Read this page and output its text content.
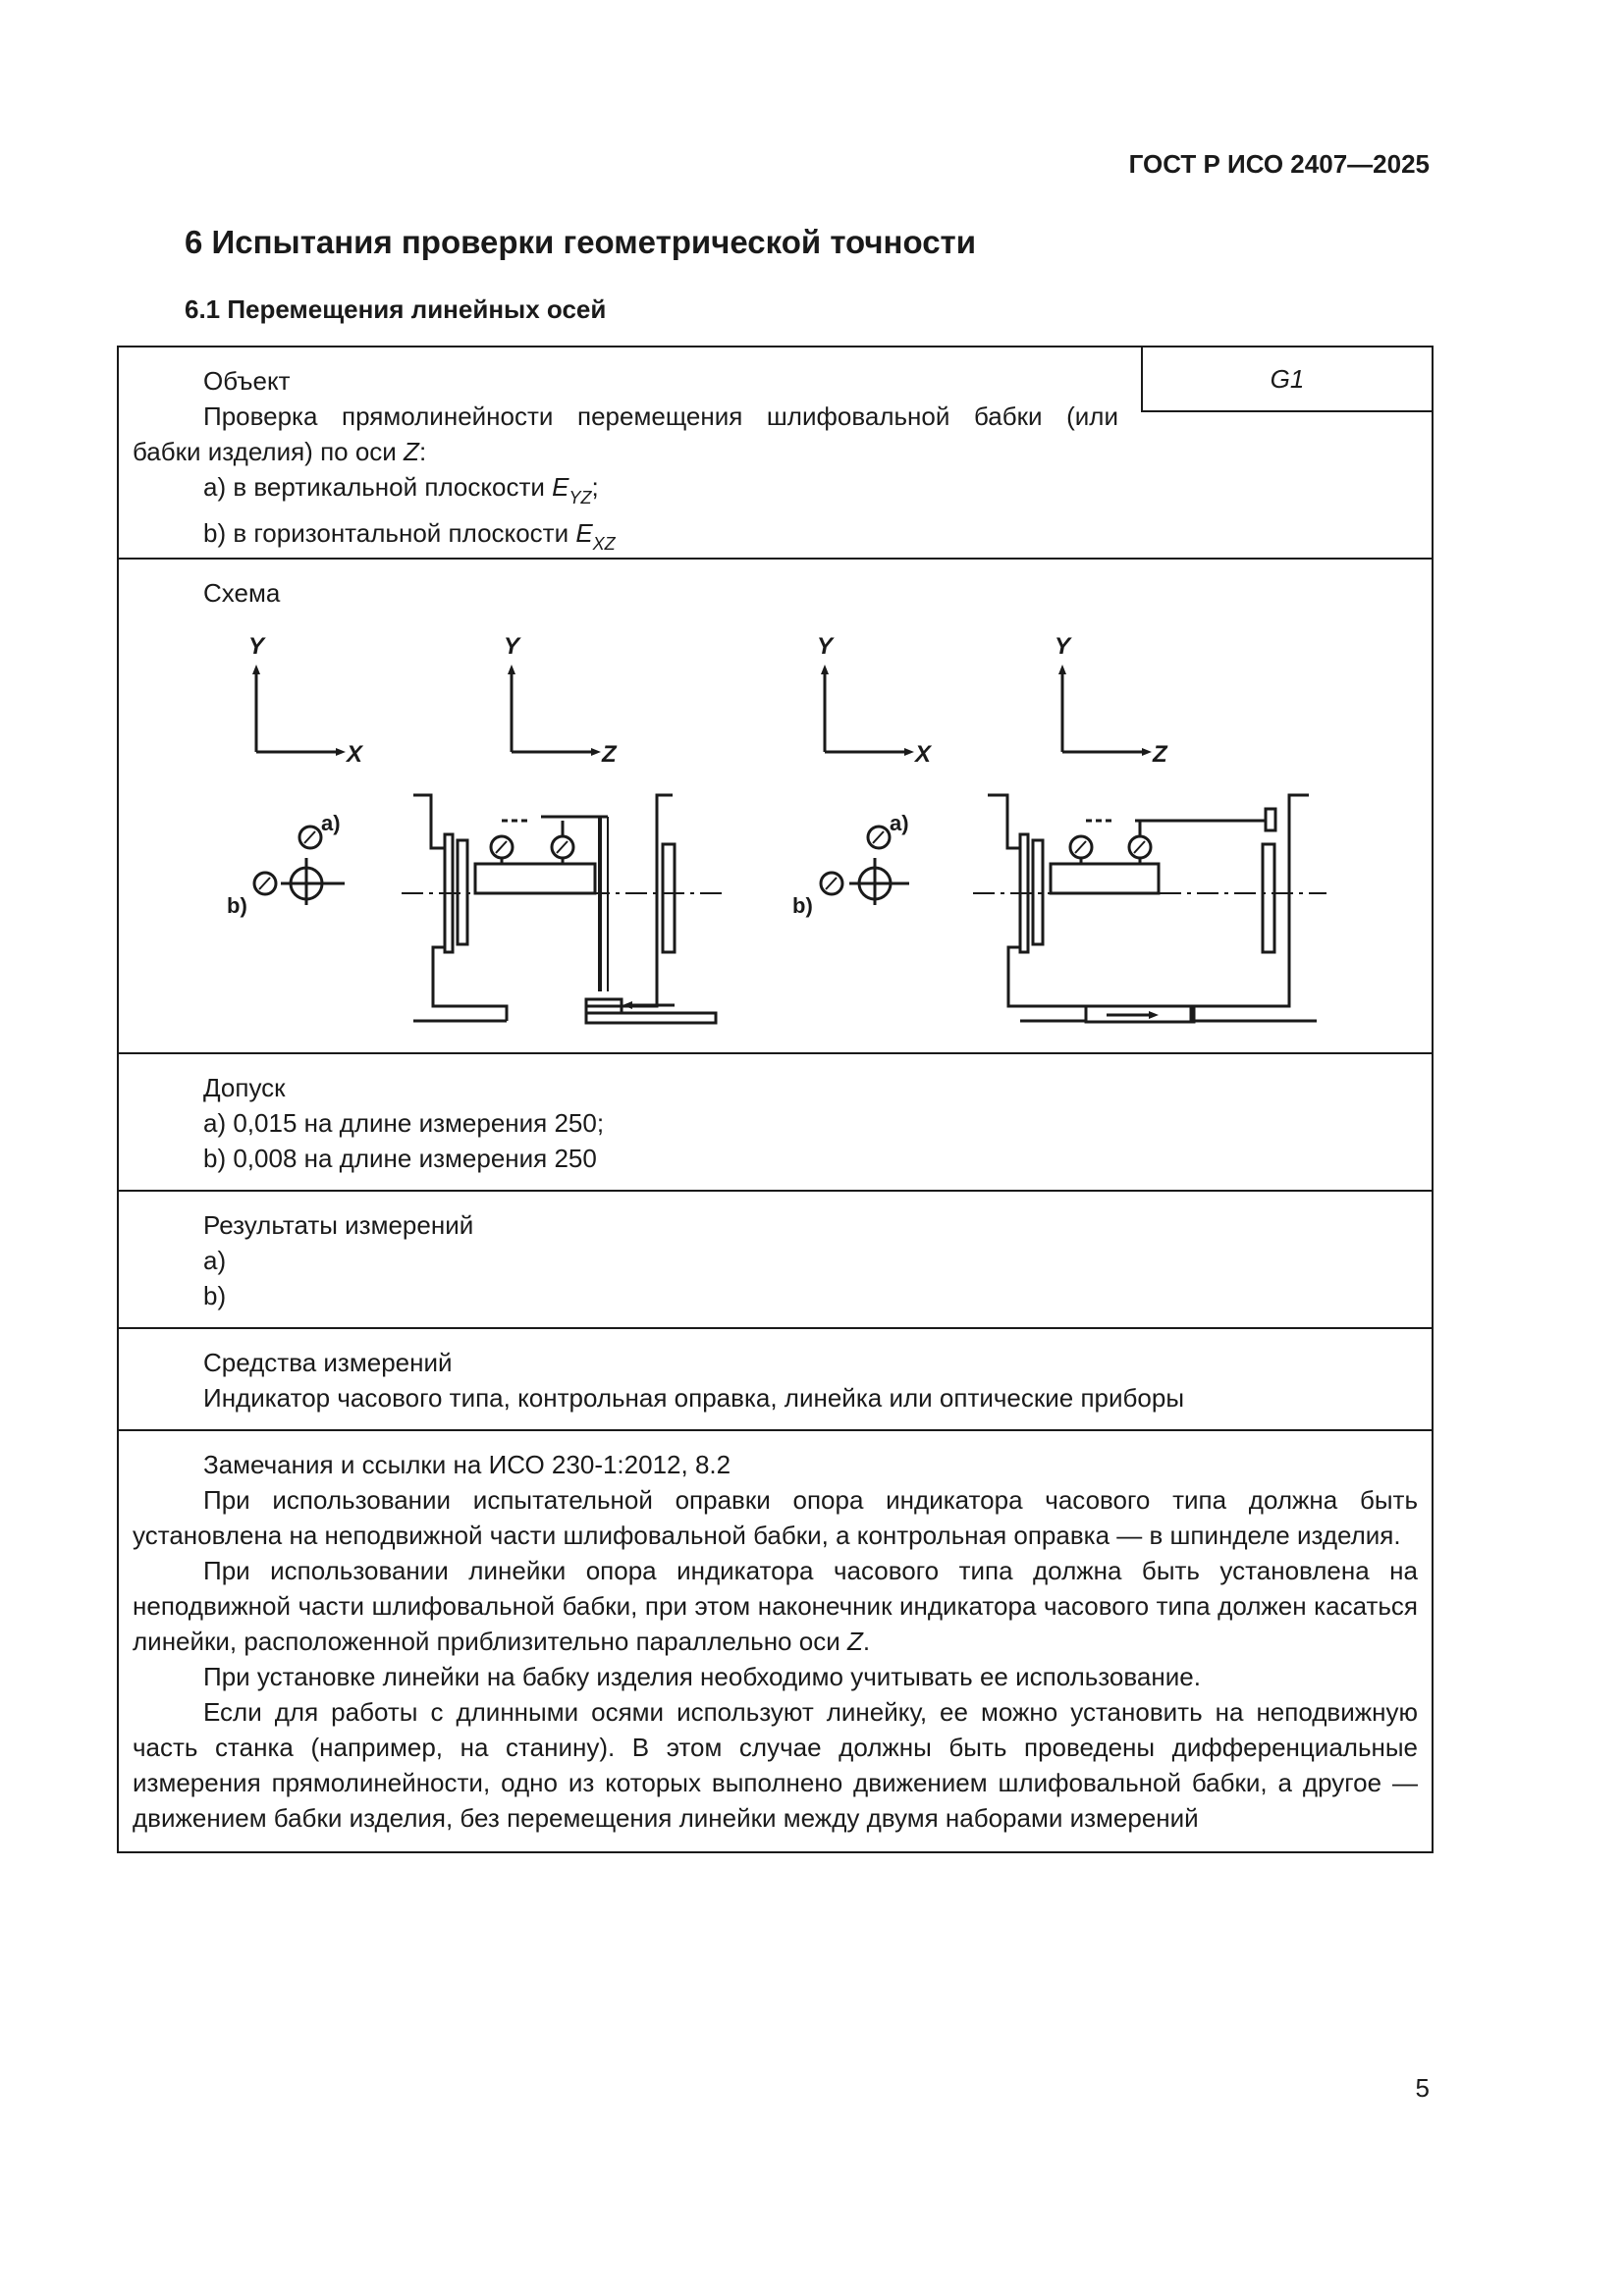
ГОСТ Р ИСО 2407—2025
6 Испытания проверки геометрической точности
6.1 Перемещения линейных осей
G1
Объект
Проверка прямолинейности перемещения шлифовальной бабки (или
бабки изделия) по оси Z:
a) в вертикальной плоскости $E_{YZ}$;
b) в горизонтальной плоскости $E_{XZ}$
Схема
Y
X
Y
Z
Y
X
Y
Z
a)
b)
a)
b)
Допуск
a) 0,015 на длине измерения 250;
b) 0,008 на длине измерения 250
Результаты измерений
a)
b)
Средства измерений
Индикатор часового типа, контрольная оправка, линейка или оптические приборы

Замечания и ссылки на ИСО 230-1:2012, 8.2

При использовании испытательной оправки опора индикатора часового типа должна быть установлена на неподвижной части шлифовальной бабки, а контрольная оправка — в шпинделе изделия.

При использовании линейки опора индикатора часового типа должна быть установлена на неподвижной части шлифовальной бабки, при этом наконечник индикатора часового типа должен касаться линейки, расположенной приблизительно параллельно оси Z.

При установке линейки на бабку изделия необходимо учитывать ее использование.

Если для работы с длинными осями используют линейку, ее можно установить на неподвижную часть станка (например, на станину). В этом случае должны быть проведены дифференциальные измерения прямолинейности, одно из которых выполнено движением шлифовальной бабки, а другое — движением бабки изделия, без перемещения линейки между двумя наборами измерений

5
